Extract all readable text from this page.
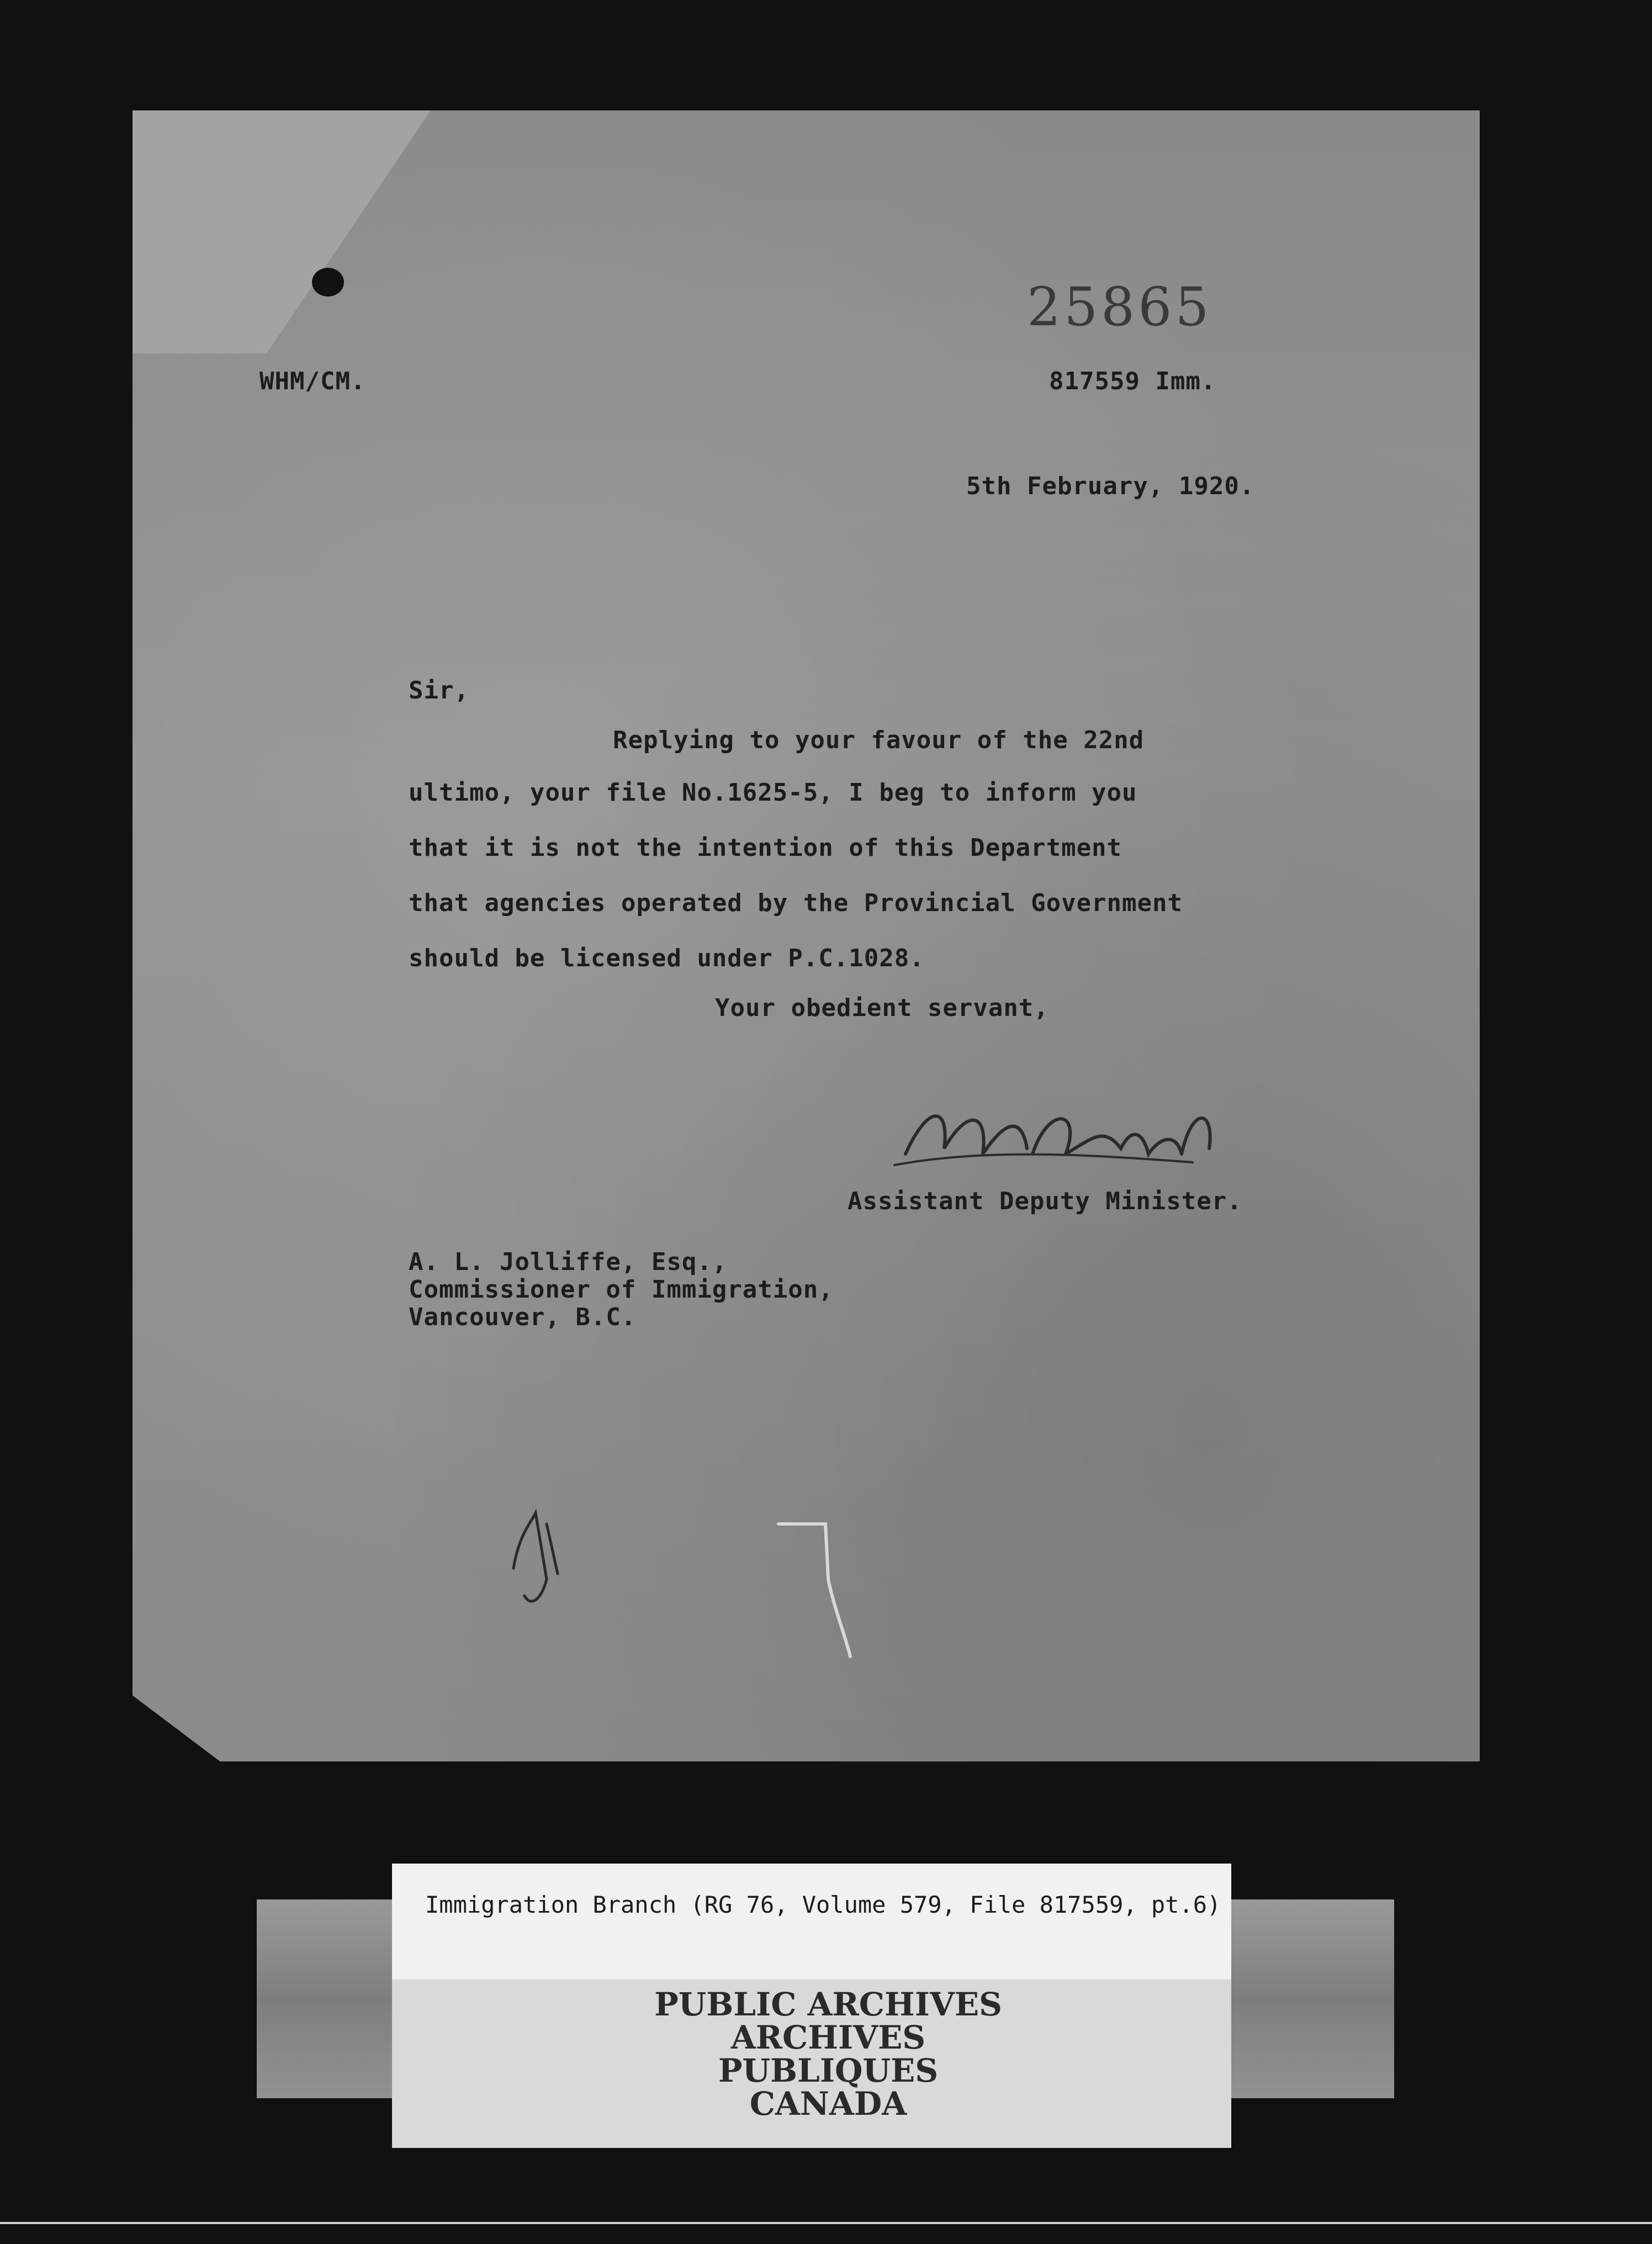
25865
WHM/CM.	817559 Imm.
5th February, 1920.
Sir,
Replying to your favour of the 22nd
ultimo, your file No.1625-5, I beg to inform you
that it is not the intention of this Department
that agencies operated by the Provincial Government
should be licensed under P.C.1028.
Your obedient servant,
Assistant Deputy Minister.
A. L. Jolliffe, Esq.,
Commissioner of Immigration,
Vancouver, B.C.
Immigration Branch (RG 76, Volume 579, File 817559, pt.6)
PUBLIC ARCHIVES
ARCHIVES PUBLIQUES
CANADA
